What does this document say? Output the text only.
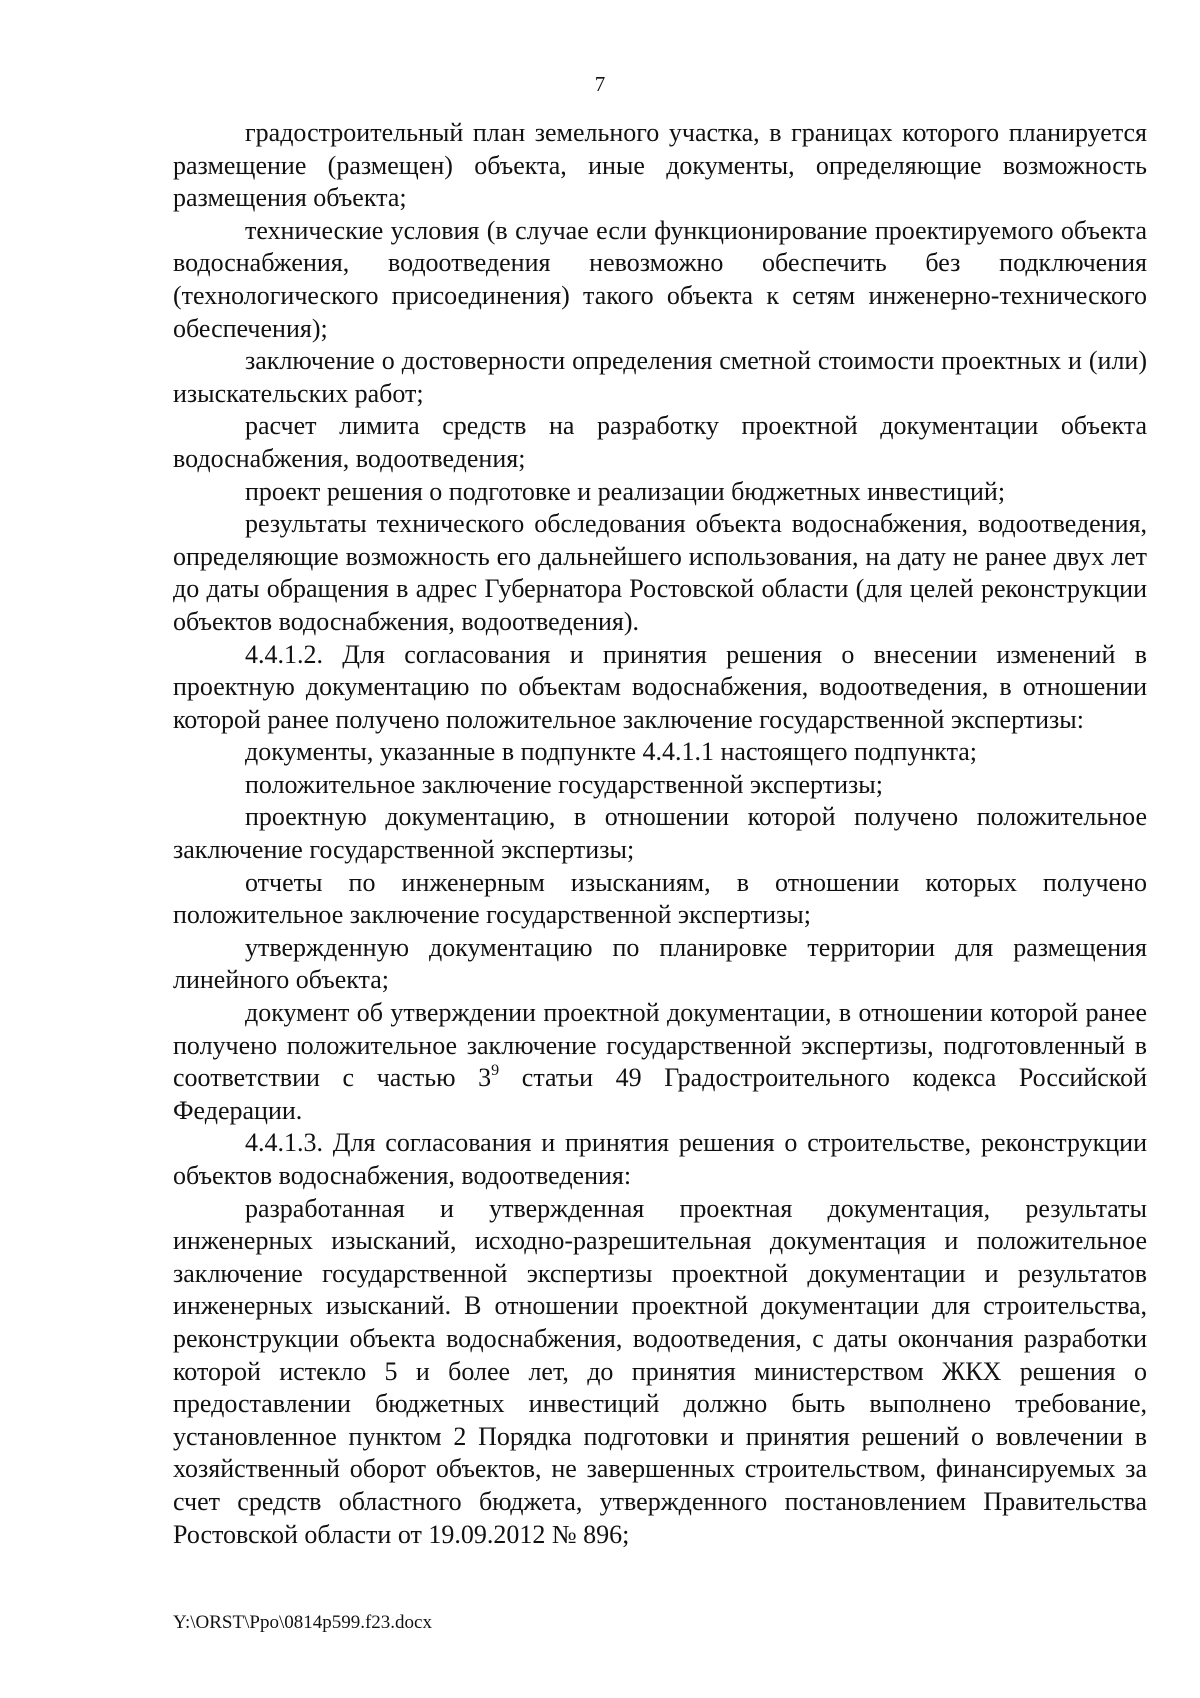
7

градостроительный план земельного участка, в границах которого планируется размещение (размещен) объекта, иные документы, определяющие возможность размещения объекта;

технические условия (в случае если функционирование проектируемого объекта водоснабжения, водоотведения невозможно обеспечить без подключения (технологического присоединения) такого объекта к сетям инженерно-технического обеспечения);

заключение о достоверности определения сметной стоимости проектных и (или) изыскательских работ;

расчет лимита средств на разработку проектной документации объекта водоснабжения, водоотведения;

проект решения о подготовке и реализации бюджетных инвестиций;

результаты технического обследования объекта водоснабжения, водоотведения, определяющие возможность его дальнейшего использования, на дату не ранее двух лет до даты обращения в адрес Губернатора Ростовской области (для целей реконструкции объектов водоснабжения, водоотведения).

4.4.1.2. Для согласования и принятия решения о внесении изменений в проектную документацию по объектам водоснабжения, водоотведения, в отношении которой ранее получено положительное заключение государственной экспертизы:

документы, указанные в подпункте 4.4.1.1 настоящего подпункта;

положительное заключение государственной экспертизы;

проектную документацию, в отношении которой получено положительное заключение государственной экспертизы;

отчеты по инженерным изысканиям, в отношении которых получено положительное заключение государственной экспертизы;

утвержденную документацию по планировке территории для размещения линейного объекта;

документ об утверждении проектной документации, в отношении которой ранее получено положительное заключение государственной экспертизы, подготовленный в соответствии с частью $3^9$ статьи 49 Градостроительного кодекса Российской Федерации.

4.4.1.3. Для согласования и принятия решения о строительстве, реконструкции объектов водоснабжения, водоотведения:

разработанная и утвержденная проектная документация, результаты инженерных изысканий, исходно-разрешительная документация и положительное заключение государственной экспертизы проектной документации и результатов инженерных изысканий. В отношении проектной документации для строительства, реконструкции объекта водоснабжения, водоотведения, с даты окончания разработки которой истекло 5 и более лет, до принятия министерством ЖКХ решения о предоставлении бюджетных инвестиций должно быть выполнено требование, установленное пунктом 2 Порядка подготовки и принятия решений о вовлечении в хозяйственный оборот объектов, не завершенных строительством, финансируемых за счет средств областного бюджета, утвержденного постановлением Правительства Ростовской области от 19.09.2012 № 896;

Y:\ORST\Ppo\0814p599.f23.docx
